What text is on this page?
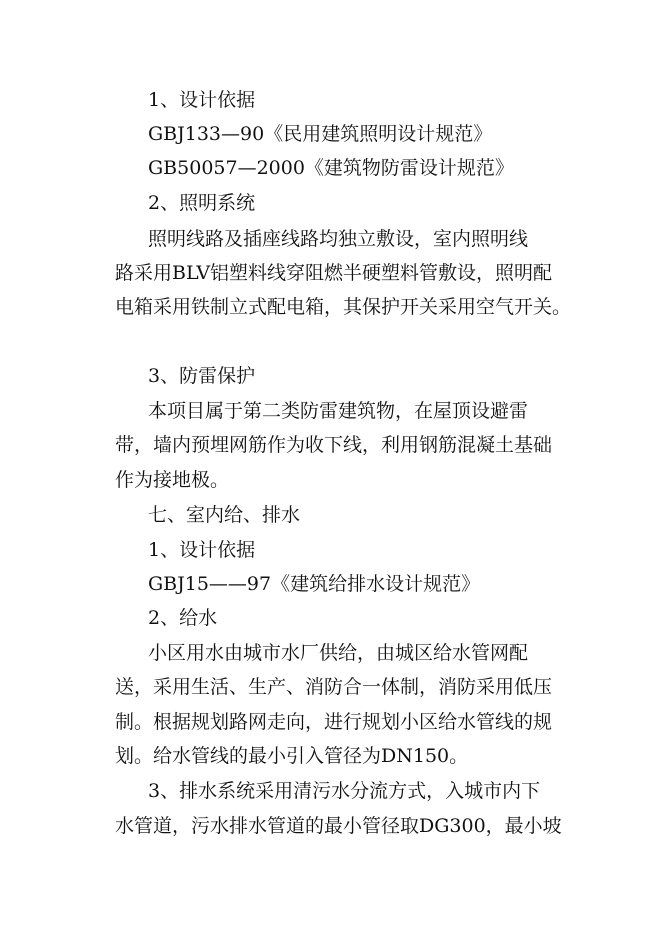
1、设计依据
GBJ133—90《民用建筑照明设计规范》
GB50057—2000《建筑物防雷设计规范》
2、照明系统
照明线路及插座线路均独立敷设，室内照明线
路采用BLV铝塑料线穿阻燃半硬塑料管敷设，照明配
电箱采用铁制立式配电箱，其保护开关采用空气开关。
3、防雷保护
本项目属于第二类防雷建筑物，在屋顶设避雷
带，墙内预埋网筋作为收下线，利用钢筋混凝土基础
作为接地极。
七、室内给、排水
1、设计依据
GBJ15——97《建筑给排水设计规范》
2、给水
小区用水由城市水厂供给，由城区给水管网配
送，采用生活、生产、消防合一体制，消防采用低压
制。根据规划路网走向，进行规划小区给水管线的规
划。给水管线的最小引入管径为DN150。
3、排水系统采用清污水分流方式，入城市内下
水管道，污水排水管道的最小管径取DG300，最小坡
